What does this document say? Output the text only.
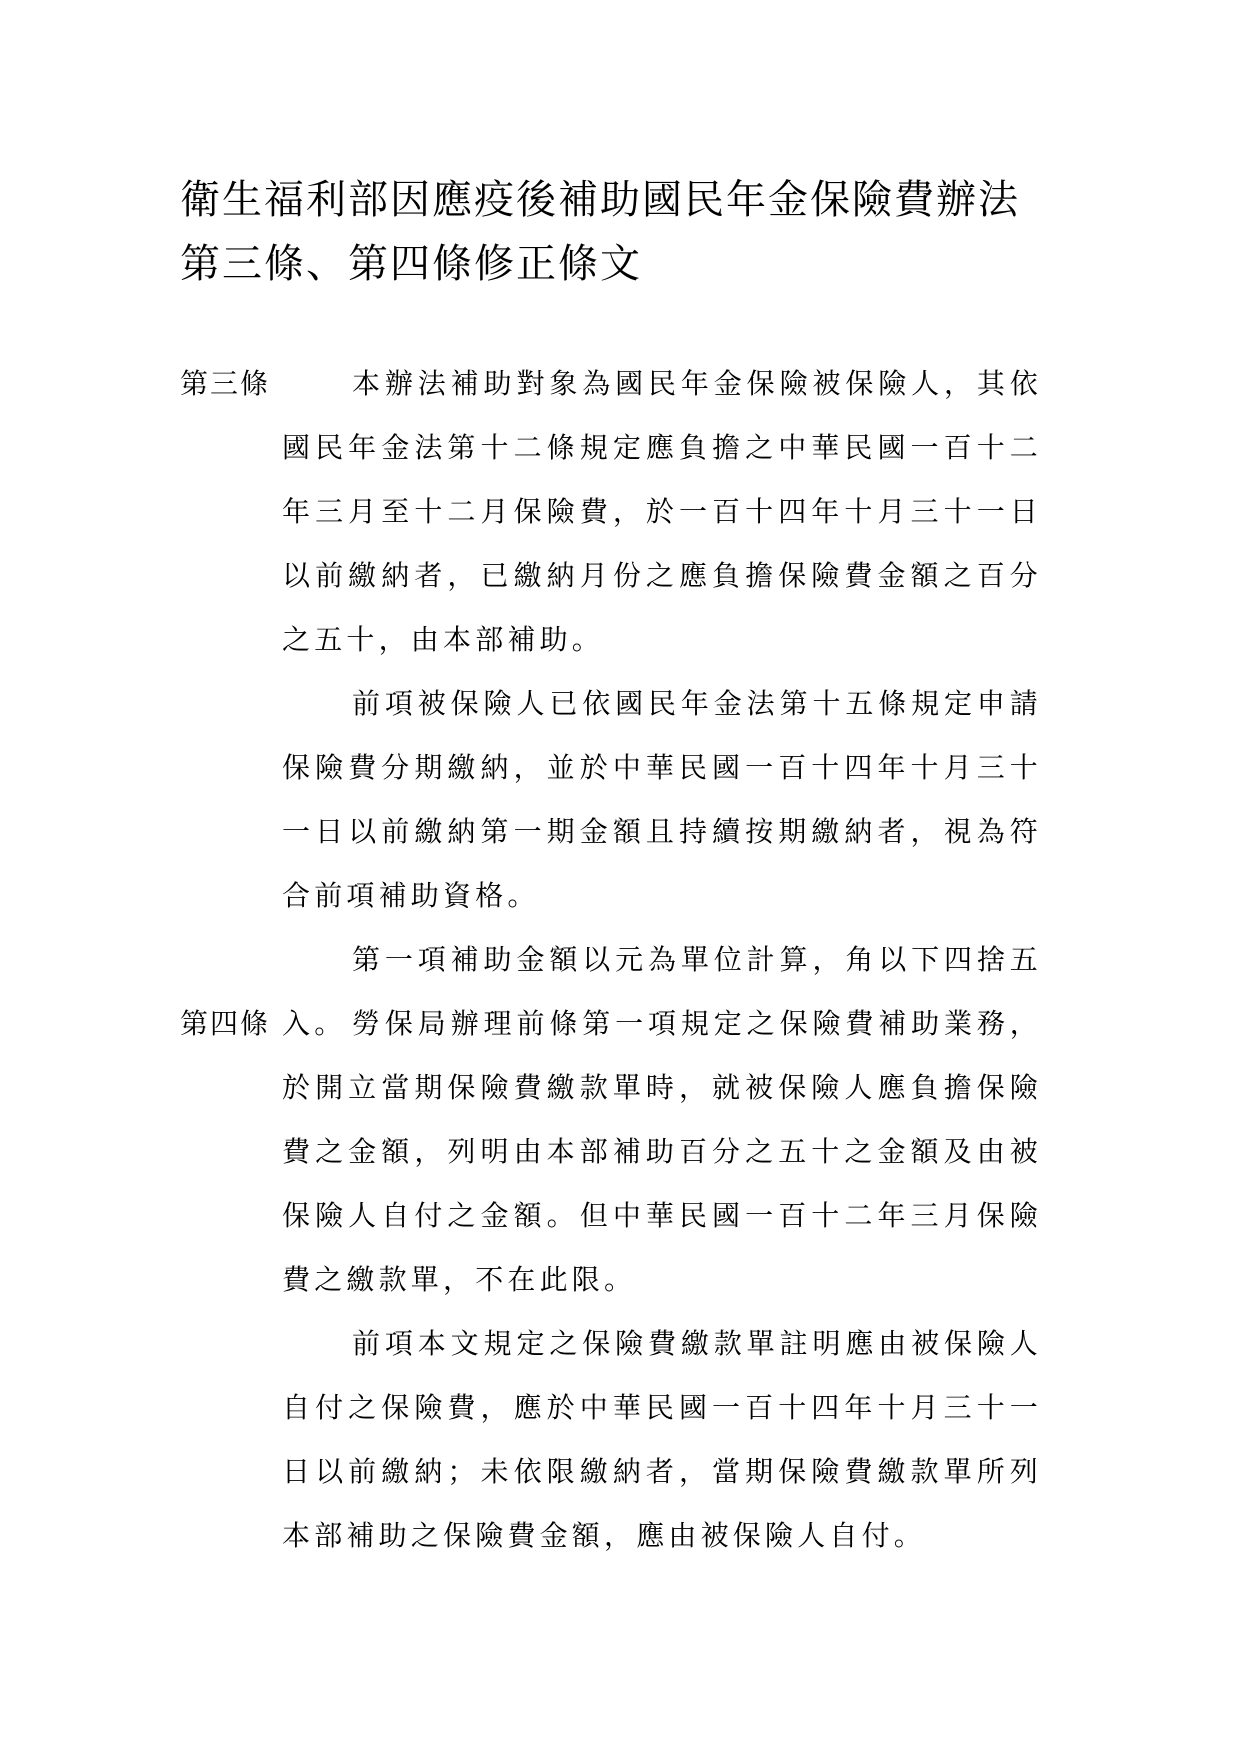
衛生福利部因應疫後補助國民年金保險費辦法第三條、第四條修正條文
第三條	本辦法補助對象為國民年金保險被保險人，其依國民年金法第十二條規定應負擔之中華民國一百十二年三月至十二月保險費，於一百十四年十月三十一日以前繳納者，已繳納月份之應負擔保險費金額之百分之五十，由本部補助。

前項被保險人已依國民年金法第十五條規定申請保險費分期繳納，並於中華民國一百十四年十月三十一日以前繳納第一期金額且持續按期繳納者，視為符合前項補助資格。

第一項補助金額以元為單位計算，角以下四捨五入。

第四條	勞保局辦理前條第一項規定之保險費補助業務，於開立當期保險費繳款單時，就被保險人應負擔保險費之金額，列明由本部補助百分之五十之金額及由被保險人自付之金額。但中華民國一百十二年三月保險費之繳款單，不在此限。

前項本文規定之保險費繳款單註明應由被保險人自付之保險費，應於中華民國一百十四年十月三十一日以前繳納；未依限繳納者，當期保險費繳款單所列本部補助之保險費金額，應由被保險人自付。
